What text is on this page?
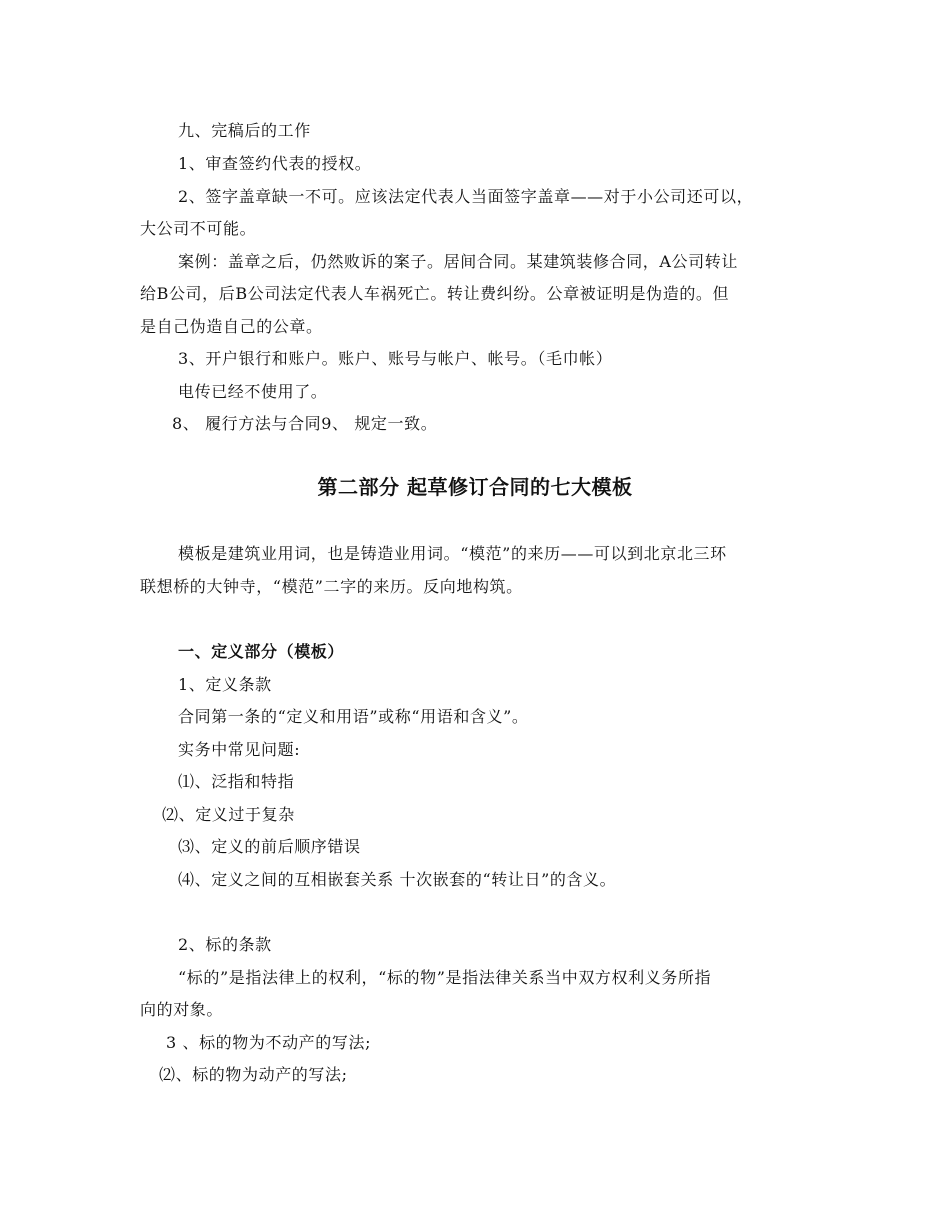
九、完稿后的工作
1、审查签约代表的授权。
2、签字盖章缺一不可。应该法定代表人当面签字盖章——对于小公司还可以，
大公司不可能。
案例：盖章之后，仍然败诉的案子。居间合同。某建筑装修合同，A公司转让
给B公司，后B公司法定代表人车祸死亡。转让费纠纷。公章被证明是伪造的。但
是自己伪造自己的公章。
3、开户银行和账户。账户、账号与帐户、帐号。（毛巾帐）
电传已经不使用了。
8、 履行方法与合同9、 规定一致。
第二部分 起草修订合同的七大模板
模板是建筑业用词，也是铸造业用词。“模范”的来历——可以到北京北三环
联想桥的大钟寺，“模范”二字的来历。反向地构筑。
一、定义部分（模板）
1、定义条款
合同第一条的“定义和用语”或称“用语和含义”。
实务中常见问题:
⑴、泛指和特指
⑵、定义过于复杂
⑶、定义的前后顺序错误
⑷、定义之间的互相嵌套关系 十次嵌套的“转让日”的含义。
2、标的条款
“标的”是指法律上的权利，“标的物”是指法律关系当中双方权利义务所指
向的对象。
3 、标的物为不动产的写法;
⑵、标的物为动产的写法;
